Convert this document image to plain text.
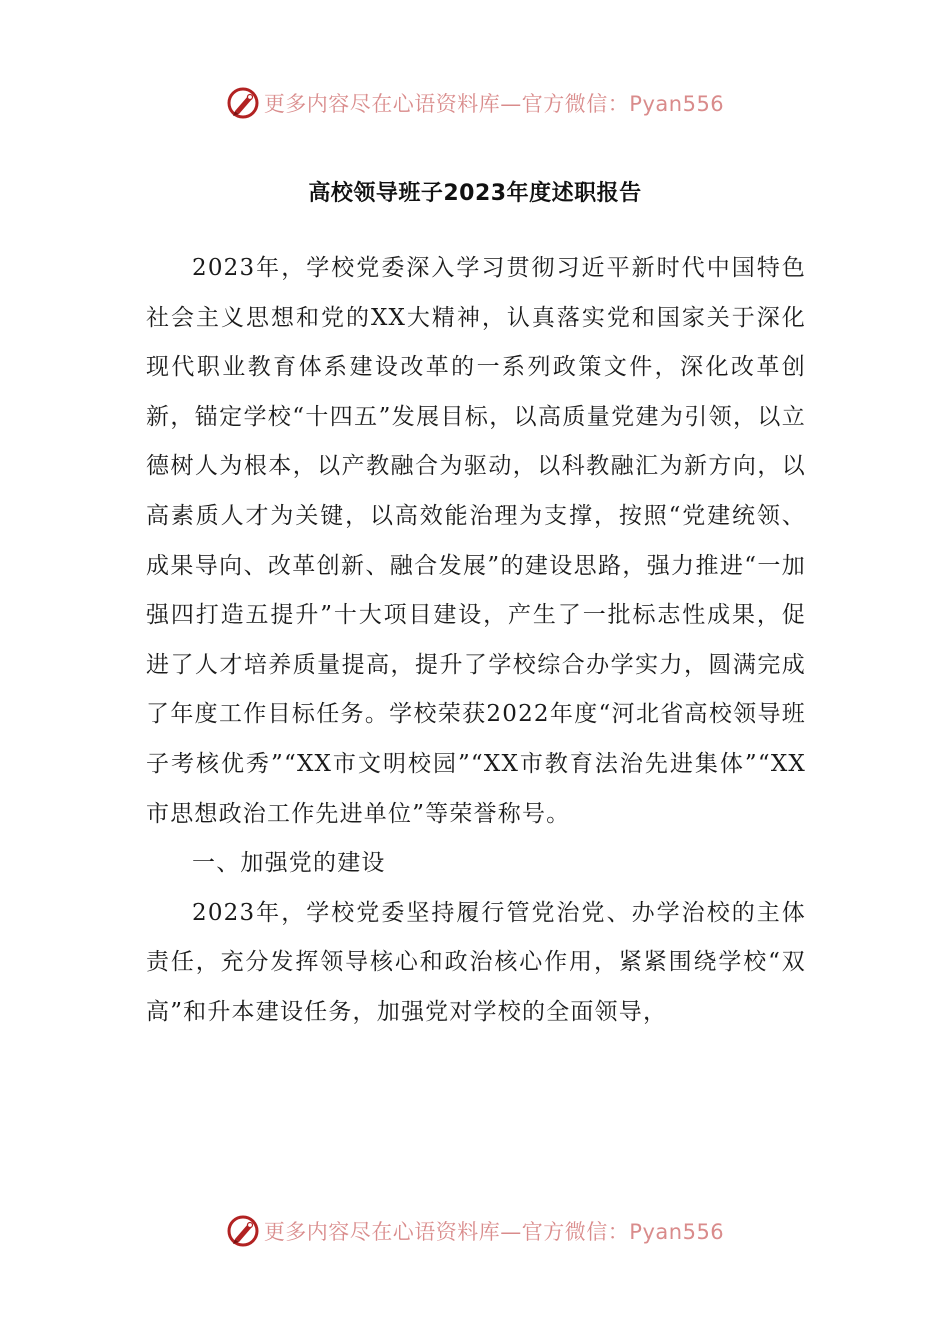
更多内容尽在心语资料库—官方微信：Pyan556
高校领导班子2023年度述职报告

2023年，学校党委深入学习贯彻习近平新时代中国特色社会主义思想和党的XX大精神，认真落实党和国家关于深化现代职业教育体系建设改革的一系列政策文件，深化改革创新，锚定学校“十四五”发展目标，以高质量党建为引领，以立德树人为根本，以产教融合为驱动，以科教融汇为新方向，以高素质人才为关键，以高效能治理为支撑，按照“党建统领、成果导向、改革创新、融合发展”的建设思路，强力推进“一加强四打造五提升”十大项目建设，产生了一批标志性成果，促进了人才培养质量提高，提升了学校综合办学实力，圆满完成了年度工作目标任务。学校荣获2022年度“河北省高校领导班子考核优秀”“XX市文明校园”“XX市教育法治先进集体”“XX市思想政治工作先进单位”等荣誉称号。

一、加强党的建设

2023年，学校党委坚持履行管党治党、办学治校的主体责任，充分发挥领导核心和政治核心作用，紧紧围绕学校“双高”和升本建设任务，加强党对学校的全面领导，

更多内容尽在心语资料库—官方微信：Pyan556
